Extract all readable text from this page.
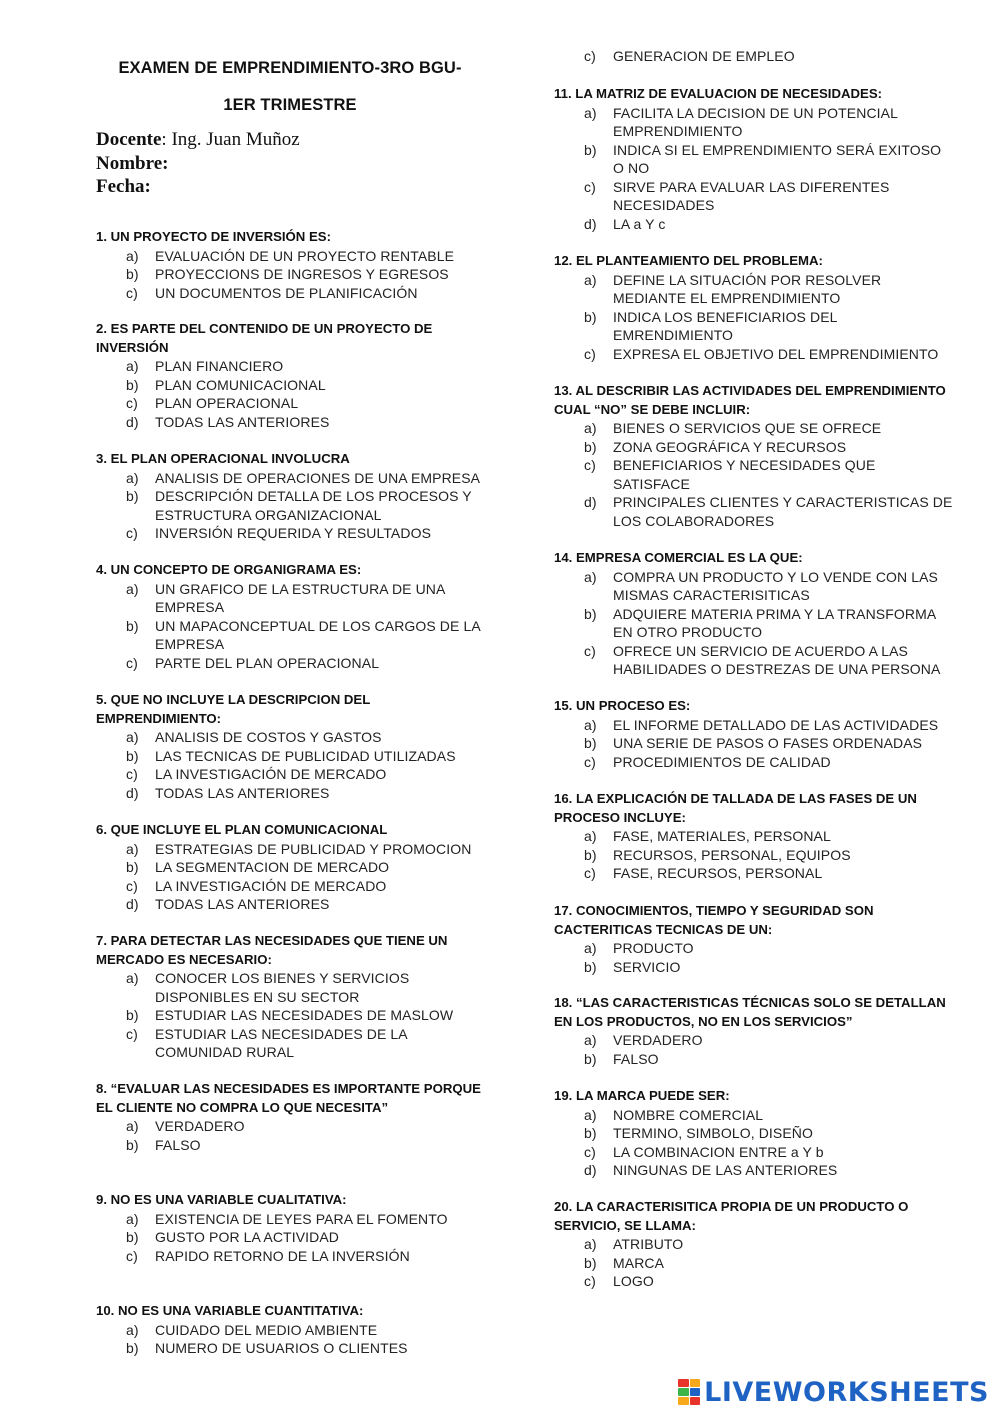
EXAMEN DE EMPRENDIMIENTO-3RO BGU-
1ER TRIMESTRE
Docente: Ing. Juan Muñoz
Nombre:
Fecha:

1. UN PROYECTO DE INVERSIÓN ES:

a) EVALUACIÓN DE UN PROYECTO RENTABLE
b) PROYECCIONS DE INGRESOS Y EGRESOS
c) UN DOCUMENTOS DE PLANIFICACIÓN

2. ES PARTE DEL CONTENIDO DE UN PROYECTO DE INVERSIÓN

a) PLAN FINANCIERO
b) PLAN COMUNICACIONAL
c) PLAN OPERACIONAL
d) TODAS LAS ANTERIORES

3. EL PLAN OPERACIONAL INVOLUCRA

a) ANALISIS DE OPERACIONES DE UNA EMPRESA
b) DESCRIPCIÓN DETALLA DE LOS PROCESOS Y ESTRUCTURA ORGANIZACIONAL
c) INVERSIÓN REQUERIDA Y RESULTADOS

4. UN CONCEPTO DE ORGANIGRAMA ES:

a) UN GRAFICO DE LA ESTRUCTURA DE UNA EMPRESA
b) UN MAPACONCEPTUAL DE LOS CARGOS DE LA EMPRESA
c) PARTE DEL PLAN OPERACIONAL

5. QUE NO INCLUYE LA DESCRIPCION DEL EMPRENDIMIENTO:

a) ANALISIS DE COSTOS Y GASTOS
b) LAS TECNICAS DE PUBLICIDAD UTILIZADAS
c) LA INVESTIGACIÓN DE MERCADO
d) TODAS LAS ANTERIORES

6. QUE INCLUYE EL PLAN COMUNICACIONAL

a) ESTRATEGIAS DE PUBLICIDAD Y PROMOCION
b) LA SEGMENTACION DE MERCADO
c) LA INVESTIGACIÓN DE MERCADO
d) TODAS LAS ANTERIORES

7. PARA DETECTAR LAS NECESIDADES QUE TIENE UN MERCADO ES NECESARIO:

a) CONOCER LOS BIENES Y SERVICIOS DISPONIBLES EN SU SECTOR
b) ESTUDIAR LAS NECESIDADES DE MASLOW
c) ESTUDIAR LAS NECESIDADES DE LA COMUNIDAD RURAL

8. “EVALUAR LAS NECESIDADES ES IMPORTANTE PORQUE EL CLIENTE NO COMPRA LO QUE NECESITA”

a) VERDADERO
b) FALSO

9. NO ES UNA VARIABLE CUALITATIVA:

a) EXISTENCIA DE LEYES PARA EL FOMENTO
b) GUSTO POR LA ACTIVIDAD
c) RAPIDO RETORNO DE LA INVERSIÓN

10. NO ES UNA VARIABLE CUANTITATIVA:

a) CUIDADO DEL MEDIO AMBIENTE
b) NUMERO DE USUARIOS O CLIENTES
c) GENERACION DE EMPLEO

11. LA MATRIZ DE EVALUACION DE NECESIDADES:

a) FACILITA LA DECISION DE UN POTENCIAL EMPRENDIMIENTO
b) INDICA SI EL EMPRENDIMIENTO SERÁ EXITOSO O NO
c) SIRVE PARA EVALUAR LAS DIFERENTES NECESIDADES
d) LA a Y c

12. EL PLANTEAMIENTO DEL PROBLEMA:

a) DEFINE LA SITUACIÓN POR RESOLVER MEDIANTE EL EMPRENDIMIENTO
b) INDICA LOS BENEFICIARIOS DEL EMRENDIMIENTO
c) EXPRESA EL OBJETIVO DEL EMPRENDIMIENTO

13. AL DESCRIBIR LAS ACTIVIDADES DEL EMPRENDIMIENTO CUAL “NO” SE DEBE INCLUIR:

a) BIENES O SERVICIOS QUE SE OFRECE
b) ZONA GEOGRÁFICA Y RECURSOS
c) BENEFICIARIOS Y NECESIDADES QUE SATISFACE
d) PRINCIPALES CLIENTES Y CARACTERISTICAS DE LOS COLABORADORES

14. EMPRESA COMERCIAL ES LA QUE:

a) COMPRA UN PRODUCTO Y LO VENDE CON LAS MISMAS CARACTERISITICAS
b) ADQUIERE MATERIA PRIMA Y LA TRANSFORMA EN OTRO PRODUCTO
c) OFRECE UN SERVICIO DE ACUERDO A LAS HABILIDADES O DESTREZAS DE UNA PERSONA

15. UN PROCESO ES:

a) EL INFORME DETALLADO DE LAS ACTIVIDADES
b) UNA SERIE DE PASOS O FASES ORDENADAS
c) PROCEDIMIENTOS DE CALIDAD

16. LA EXPLICACIÓN DE TALLADA DE LAS FASES DE UN PROCESO INCLUYE:

a) FASE, MATERIALES, PERSONAL
b) RECURSOS, PERSONAL, EQUIPOS
c) FASE, RECURSOS, PERSONAL

17. CONOCIMIENTOS, TIEMPO Y SEGURIDAD SON CACTERITICAS TECNICAS DE UN:

a) PRODUCTO
b) SERVICIO

18. “LAS CARACTERISTICAS TÉCNICAS SOLO SE DETALLAN EN LOS PRODUCTOS, NO EN LOS SERVICIOS”

a) VERDADERO
b) FALSO

19. LA MARCA PUEDE SER:

a) NOMBRE COMERCIAL
b) TERMINO, SIMBOLO, DISEÑO
c) LA COMBINACION ENTRE a Y b
d) NINGUNAS DE LAS ANTERIORES

20. LA CARACTERISITICA PROPIA DE UN PRODUCTO O SERVICIO, SE LLAMA:

a) ATRIBUTO
b) MARCA
c) LOGO
LIVEWORKSHEETS
